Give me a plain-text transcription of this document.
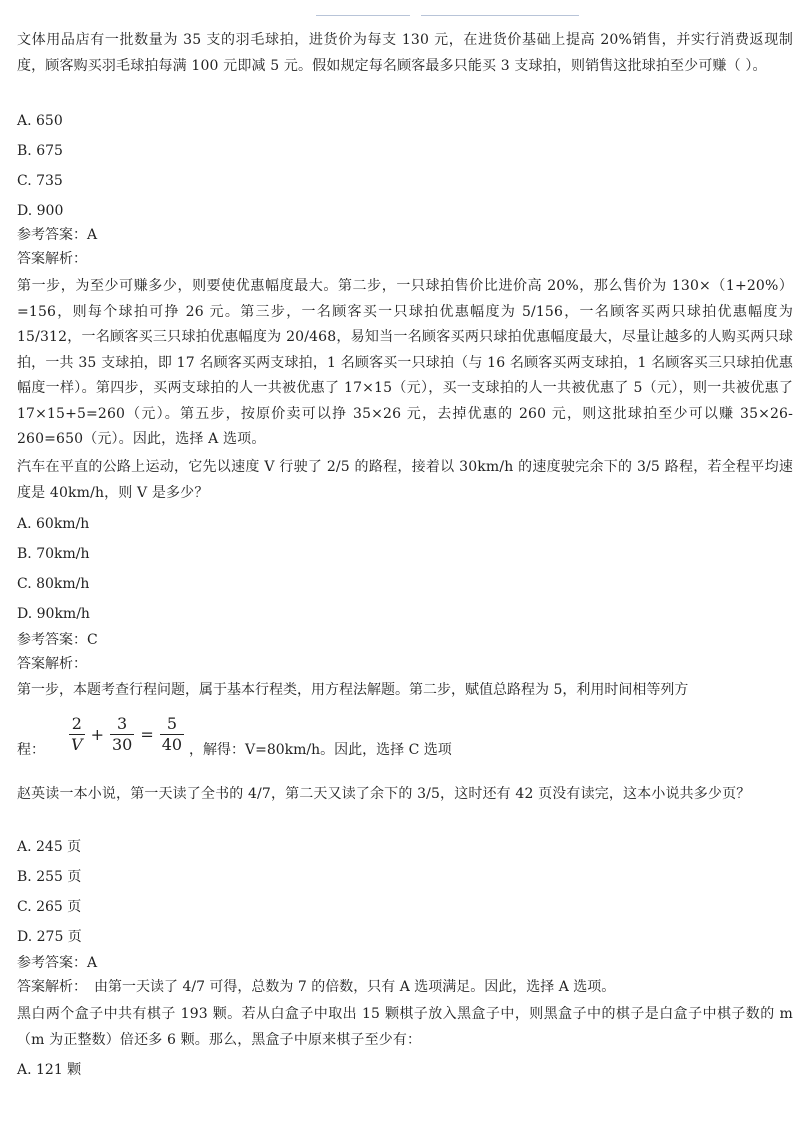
文体用品店有一批数量为 35 支的羽毛球拍，进货价为每支 130 元，在进货价基础上提高 20%销售，并实行消费返现制度，顾客购买羽毛球拍每满 100 元即减 5 元。假如规定每名顾客最多只能买 3 支球拍，则销售这批球拍至少可赚（ ）。
A. 650
B. 675
C. 735
D. 900
参考答案：A
答案解析：
第一步，为至少可赚多少，则要使优惠幅度最大。第二步，一只球拍售价比进价高 20%，那么售价为 130×（1+20%）=156，则每个球拍可挣 26 元。第三步，一名顾客买一只球拍优惠幅度为 5/156，一名顾客买两只球拍优惠幅度为 15/312，一名顾客买三只球拍优惠幅度为 20/468，易知当一名顾客买两只球拍优惠幅度最大，尽量让越多的人购买两只球拍，一共 35 支球拍，即 17 名顾客买两支球拍，1 名顾客买一只球拍（与 16 名顾客买两支球拍，1 名顾客买三只球拍优惠幅度一样）。第四步，买两支球拍的人一共被优惠了 17×15（元），买一支球拍的人一共被优惠了 5（元），则一共被优惠了 17×15+5=260（元）。第五步，按原价卖可以挣 35×26 元，去掉优惠的 260 元，则这批球拍至少可以赚 35×26-260=650（元）。因此，选择 A 选项。
汽车在平直的公路上运动，它先以速度 V 行驶了 2/5 的路程，接着以 30km/h 的速度驶完余下的 3/5 路程，若全程平均速度是 40km/h，则 V 是多少？
A. 60km/h
B. 70km/h
C. 80km/h
D. 90km/h
参考答案：C
答案解析：
第一步，本题考查行程问题，属于基本行程类，用方程法解题。第二步，赋值总路程为 5，利用时间相等列方
程： $\frac{2}{V} + \frac{3}{30} = \frac{5}{40}$ ，解得：V=80km/h。因此，选择 C 选项
赵英读一本小说，第一天读了全书的 4/7，第二天又读了余下的 3/5，这时还有 42 页没有读完，这本小说共多少页？
A. 245 页
B. 255 页
C. 265 页
D. 275 页
参考答案：A
答案解析：　由第一天读了 4/7 可得，总数为 7 的倍数，只有 A 选项满足。因此，选择 A 选项。
黑白两个盒子中共有棋子 193 颗。若从白盒子中取出 15 颗棋子放入黑盒子中，则黑盒子中的棋子是白盒子中棋子数的 m（m 为正整数）倍还多 6 颗。那么，黑盒子中原来棋子至少有：
A. 121 颗
